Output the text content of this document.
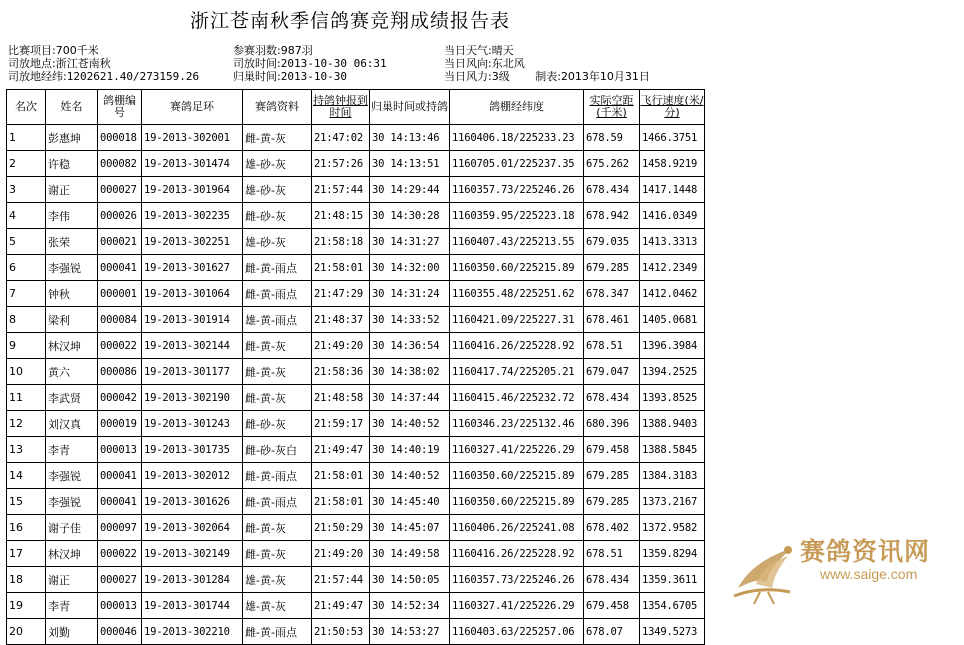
浙江苍南秋季信鸽赛竞翔成绩报告表
比赛项目:700千米
司放地点:浙江苍南秋
司放地经纬:1202621.40/273159.26
参赛羽数:987羽
司放时间:2013-10-30 06:31
归巢时间:2013-10-30
当日天气:晴天
当日风向:东北风
当日风力:3级 制表:2013年10月31日
名次	姓名	鸽棚编号	赛鸽足环	赛鸽资料	持鸽钟报到时间	归巢时间或持鸽	鸽棚经纬度	实际空距(千米)	飞行速度(米/分)
1	彭惠坤	000018	19-2013-302001	雌-黄-灰	21:47:02	30 14:13:46	1160406.18/225233.23	678.59	1466.3751
2	许稳	000082	19-2013-301474	雄-砂-灰	21:57:26	30 14:13:51	1160705.01/225237.35	675.262	1458.9219
3	谢正	000027	19-2013-301964	雄-砂-灰	21:57:44	30 14:29:44	1160357.73/225246.26	678.434	1417.1448
4	李伟	000026	19-2013-302235	雌-砂-灰	21:48:15	30 14:30:28	1160359.95/225223.18	678.942	1416.0349
5	张荣	000021	19-2013-302251	雄-砂-灰	21:58:18	30 14:31:27	1160407.43/225213.55	679.035	1413.3313
6	李强锐	000041	19-2013-301627	雌-黄-雨点	21:58:01	30 14:32:00	1160350.60/225215.89	679.285	1412.2349
7	钟秋	000001	19-2013-301064	雌-黄-雨点	21:47:29	30 14:31:24	1160355.48/225251.62	678.347	1412.0462
8	梁利	000084	19-2013-301914	雄-黄-雨点	21:48:37	30 14:33:52	1160421.09/225227.31	678.461	1405.0681
9	林汉坤	000022	19-2013-302144	雌-黄-灰	21:49:20	30 14:36:54	1160416.26/225228.92	678.51	1396.3984
10	黄六	000086	19-2013-301177	雌-黄-灰	21:58:36	30 14:38:02	1160417.74/225205.21	679.047	1394.2525
11	李武贤	000042	19-2013-302190	雌-黄-灰	21:48:58	30 14:37:44	1160415.46/225232.72	678.434	1393.8525
12	刘汉真	000019	19-2013-301243	雌-砂-灰	21:59:17	30 14:40:52	1160346.23/225132.46	680.396	1388.9403
13	李青	000013	19-2013-301735	雌-砂-灰白	21:49:47	30 14:40:19	1160327.41/225226.29	679.458	1388.5845
14	李强锐	000041	19-2013-302012	雌-黄-雨点	21:58:01	30 14:40:52	1160350.60/225215.89	679.285	1384.3183
15	李强锐	000041	19-2013-301626	雌-黄-雨点	21:58:01	30 14:45:40	1160350.60/225215.89	679.285	1373.2167
16	谢子佳	000097	19-2013-302064	雌-黄-灰	21:50:29	30 14:45:07	1160406.26/225241.08	678.402	1372.9582
17	林汉坤	000022	19-2013-302149	雌-黄-灰	21:49:20	30 14:49:58	1160416.26/225228.92	678.51	1359.8294
18	谢正	000027	19-2013-301284	雄-黄-灰	21:57:44	30 14:50:05	1160357.73/225246.26	678.434	1359.3611
19	李青	000013	19-2013-301744	雄-黄-灰	21:49:47	30 14:52:34	1160327.41/225226.29	679.458	1354.6705
20	刘勤	000046	19-2013-302210	雌-黄-雨点	21:50:53	30 14:53:27	1160403.63/225257.06	678.07	1349.5273
赛鸽资讯网
www.saige.com
